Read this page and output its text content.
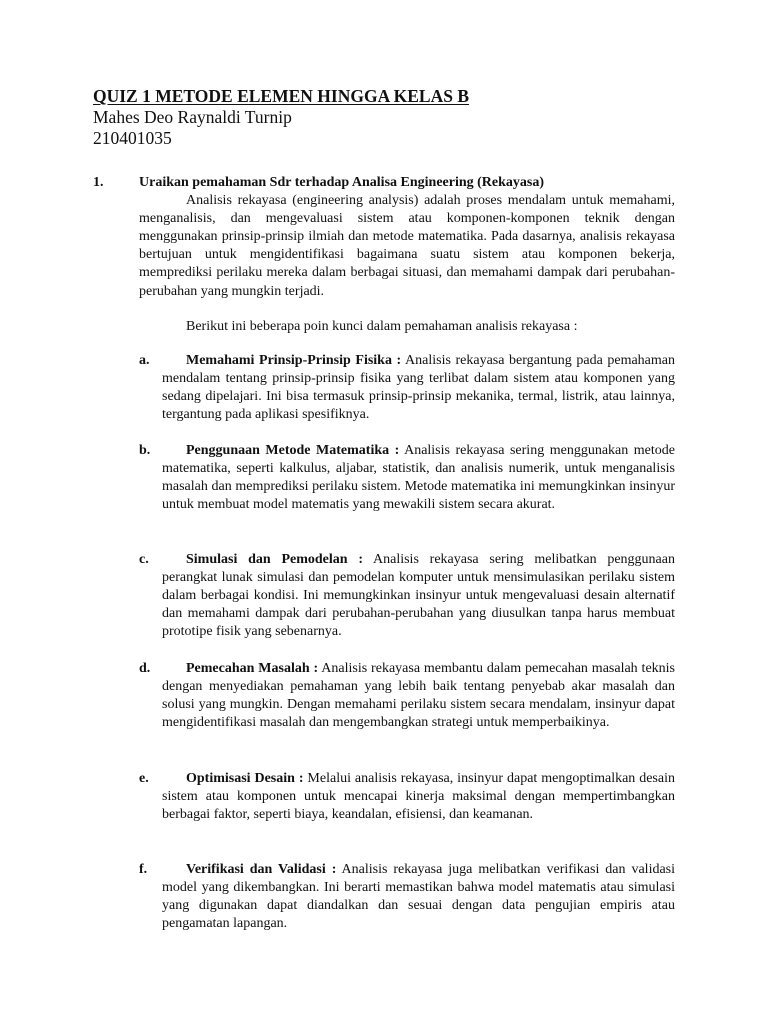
QUIZ 1 METODE ELEMEN HINGGA KELAS B
Mahes Deo Raynaldi Turnip
210401035
1.	Uraikan pemahaman Sdr terhadap Analisa Engineering (Rekayasa)

Analisis rekayasa (engineering analysis) adalah proses mendalam untuk memahami, menganalisis, dan mengevaluasi sistem atau komponen-komponen teknik dengan menggunakan prinsip-prinsip ilmiah dan metode matematika. Pada dasarnya, analisis rekayasa bertujuan untuk mengidentifikasi bagaimana suatu sistem atau komponen bekerja, memprediksi perilaku mereka dalam berbagai situasi, dan memahami dampak dari perubahan-perubahan yang mungkin terjadi.

Berikut ini beberapa poin kunci dalam pemahaman analisis rekayasa :

a.	Memahami Prinsip-Prinsip Fisika : Analisis rekayasa bergantung pada pemahaman mendalam tentang prinsip-prinsip fisika yang terlibat dalam sistem atau komponen yang sedang dipelajari. Ini bisa termasuk prinsip-prinsip mekanika, termal, listrik, atau lainnya, tergantung pada aplikasi spesifiknya.
b.	Penggunaan Metode Matematika : Analisis rekayasa sering menggunakan metode matematika, seperti kalkulus, aljabar, statistik, dan analisis numerik, untuk menganalisis masalah dan memprediksi perilaku sistem. Metode matematika ini memungkinkan insinyur untuk membuat model matematis yang mewakili sistem secara akurat.
c.	Simulasi dan Pemodelan : Analisis rekayasa sering melibatkan penggunaan perangkat lunak simulasi dan pemodelan komputer untuk mensimulasikan perilaku sistem dalam berbagai kondisi. Ini memungkinkan insinyur untuk mengevaluasi desain alternatif dan memahami dampak dari perubahan-perubahan yang diusulkan tanpa harus membuat prototipe fisik yang sebenarnya.
d.	Pemecahan Masalah : Analisis rekayasa membantu dalam pemecahan masalah teknis dengan menyediakan pemahaman yang lebih baik tentang penyebab akar masalah dan solusi yang mungkin. Dengan memahami perilaku sistem secara mendalam, insinyur dapat mengidentifikasi masalah dan mengembangkan strategi untuk memperbaikinya.
e.	Optimisasi Desain : Melalui analisis rekayasa, insinyur dapat mengoptimalkan desain sistem atau komponen untuk mencapai kinerja maksimal dengan mempertimbangkan berbagai faktor, seperti biaya, keandalan, efisiensi, dan keamanan.
f.	Verifikasi dan Validasi : Analisis rekayasa juga melibatkan verifikasi dan validasi model yang dikembangkan. Ini berarti memastikan bahwa model matematis atau simulasi yang digunakan dapat diandalkan dan sesuai dengan data pengujian empiris atau pengamatan lapangan.
